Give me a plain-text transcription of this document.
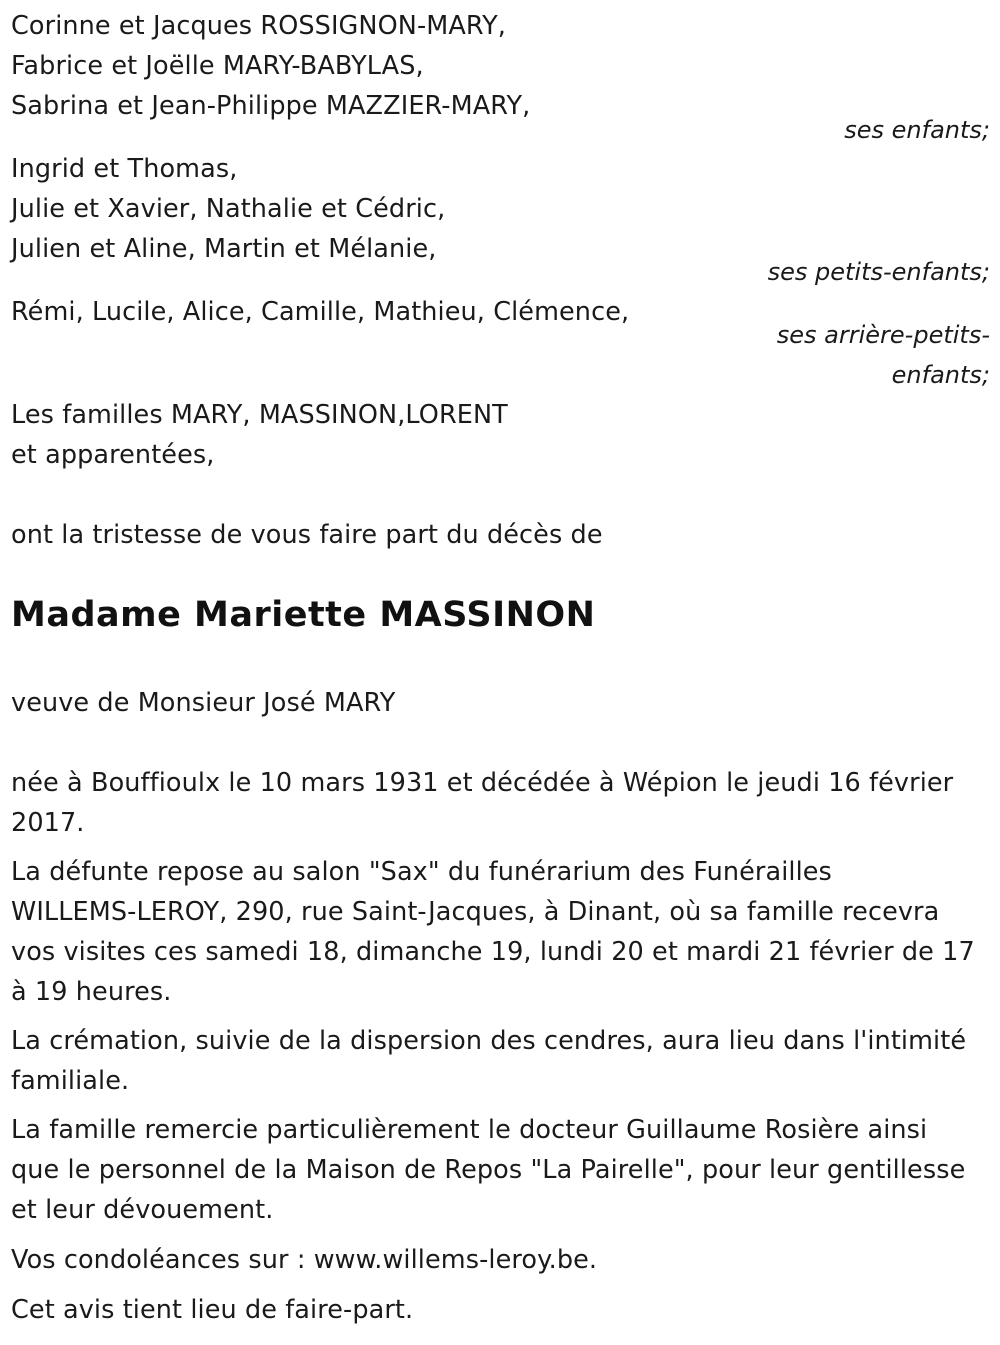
Corinne et Jacques ROSSIGNON-MARY,
Fabrice et Joëlle MARY-BABYLAS,
Sabrina et Jean-Philippe MAZZIER-MARY,
ses enfants;
Ingrid et Thomas,
Julie et Xavier, Nathalie et Cédric,
Julien et Aline, Martin et Mélanie,
ses petits-enfants;
Rémi, Lucile, Alice, Camille, Mathieu, Clémence,
ses arrière-petits-
enfants;
Les familles MARY, MASSINON,LORENT
et apparentées,
ont la tristesse de vous faire part du décès de
Madame Mariette MASSINON
veuve de Monsieur José MARY
née à Bouffioulx le 10 mars 1931 et décédée à Wépion le jeudi 16 février
2017.
La défunte repose au salon "Sax" du funérarium des Funérailles
WILLEMS-LEROY, 290, rue Saint-Jacques, à Dinant, où sa famille recevra
vos visites ces samedi 18, dimanche 19, lundi 20 et mardi 21 février de 17
à 19 heures.
La crémation, suivie de la dispersion des cendres, aura lieu dans l'intimité
familiale.
La famille remercie particulièrement le docteur Guillaume Rosière ainsi
que le personnel de la Maison de Repos "La Pairelle", pour leur gentillesse
et leur dévouement.
Vos condoléances sur : www.willems-leroy.be.
Cet avis tient lieu de faire-part.
